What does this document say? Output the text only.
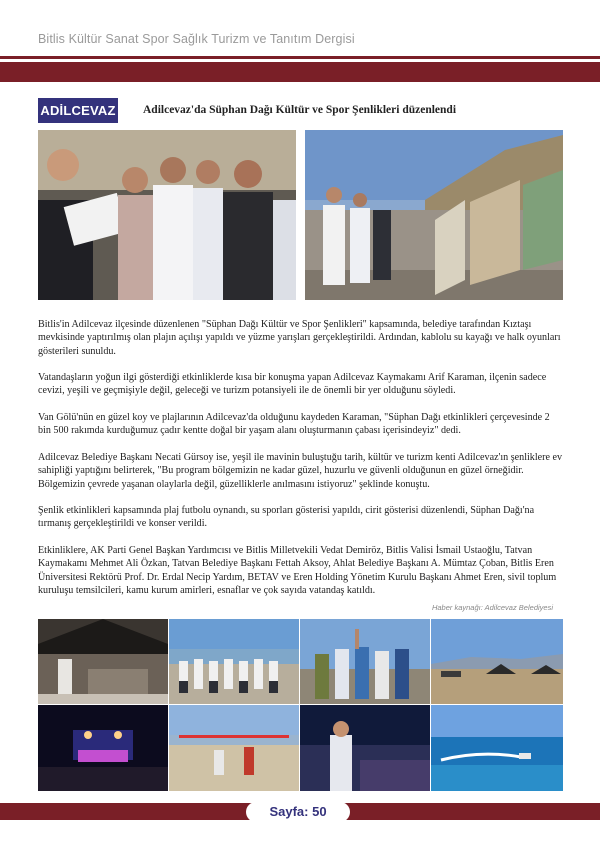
Bitlis Kültür Sanat Spor Sağlık Turizm ve Tanıtım Dergisi
ADİLCEVAZ Adilcevaz'da Süphan Dağı Kültür ve Spor Şenlikleri düzenlendi

Bitlis'in Adilcevaz ilçesinde düzenlenen "Süphan Dağı Kültür ve Spor Şenlikleri" kapsamında, belediye tarafından Kıztaşı mevkisinde yaptırılmış olan plajın açılışı yapıldı ve yüzme yarışları gerçekleştirildi. Ardından, kablolu su kayağı ve halk oyunları gösterileri sunuldu.

Vatandaşların yoğun ilgi gösterdiği etkinliklerde kısa bir konuşma yapan Adilcevaz Kaymakamı Arif Karaman, ilçenin sadece cevizi, yeşili ve geçmişiyle değil, geleceği ve turizm potansiyeli ile de önemli bir yer olduğunu söyledi.

Van Gölü'nün en güzel koy ve plajlarının Adilcevaz'da olduğunu kaydeden Karaman, "Süphan Dağı etkinlikleri çerçevesinde 2 bin 500 rakımda kurduğumuz çadır kentte doğal bir yaşam alanı oluşturmanın çabası içerisindeyiz" dedi.

Adilcevaz Belediye Başkanı Necati Gürsoy ise, yeşil ile mavinin buluştuğu tarih, kültür ve turizm kenti Adilcevaz'ın şenliklere ev sahipliği yaptığını belirterek, "Bu program bölgemizin ne kadar güzel, huzurlu ve güvenli olduğunun en güzel örneğidir. Bölgemizin çevrede yaşanan olaylarla değil, güzelliklerle anılmasını istiyoruz" şeklinde konuştu.

Şenlik etkinlikleri kapsamında plaj futbolu oynandı, su sporları gösterisi yapıldı, cirit gösterisi düzenlendi, Süphan Dağı'na tırmanış gerçekleştirildi ve konser verildi.

Etkinliklere, AK Parti Genel Başkan Yardımcısı ve Bitlis Milletvekili Vedat Demiröz, Bitlis Valisi İsmail Ustaoğlu, Tatvan Kaymakamı Mehmet Ali Özkan, Tatvan Belediye Başkanı Fettah Aksoy, Ahlat Belediye Başkanı A. Mümtaz Çoban, Bitlis Eren Üniversitesi Rektörü Prof. Dr. Erdal Necip Yardım, BETAV ve Eren Holding Yönetim Kurulu Başkanı Ahmet Eren, sivil toplum kuruluşu temsilcileri, kamu kurum amirleri, esnaflar ve çok sayıda vatandaş katıldı.

Haber kaynağı: Adilcevaz Belediyesi
Sayfa: 50
